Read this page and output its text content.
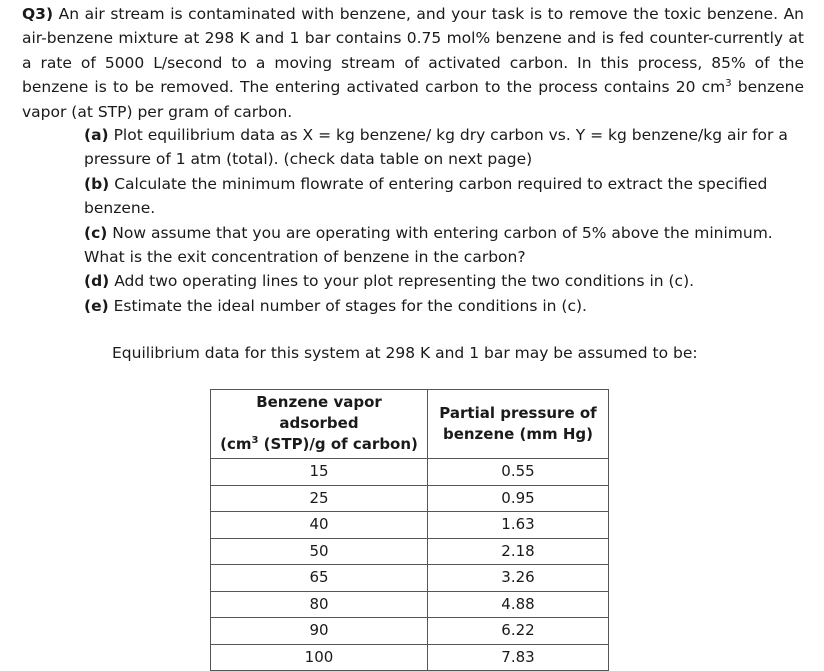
Q3) An air stream is contaminated with benzene, and your task is to remove the toxic benzene. An air-benzene mixture at 298 K and 1 bar contains 0.75 mol% benzene and is fed counter-currently at a rate of 5000 L/second to a moving stream of activated carbon. In this process, 85% of the benzene is to be removed. The entering activated carbon to the process contains 20 $cm^3$ benzene vapor (at STP) per gram of carbon.

(a) Plot equilibrium data as X = kg benzene/ kg dry carbon vs. Y = kg benzene/kg air for a pressure of 1 atm (total). (check data table on next page)

(b) Calculate the minimum flowrate of entering carbon required to extract the specified benzene.

(c) Now assume that you are operating with entering carbon of 5% above the minimum. What is the exit concentration of benzene in the carbon?

(d) Add two operating lines to your plot representing the two conditions in (c).

(e) Estimate the ideal number of stages for the conditions in (c).

Equilibrium data for this system at 298 K and 1 bar may be assumed to be:

Benzene vapor adsorbed
($cm^3$ (STP)/g of carbon)	Partial pressure of
benzene (mm Hg)
15	0.55
25	0.95
40	1.63
50	2.18
65	3.26
80	4.88
90	6.22
100	7.83
